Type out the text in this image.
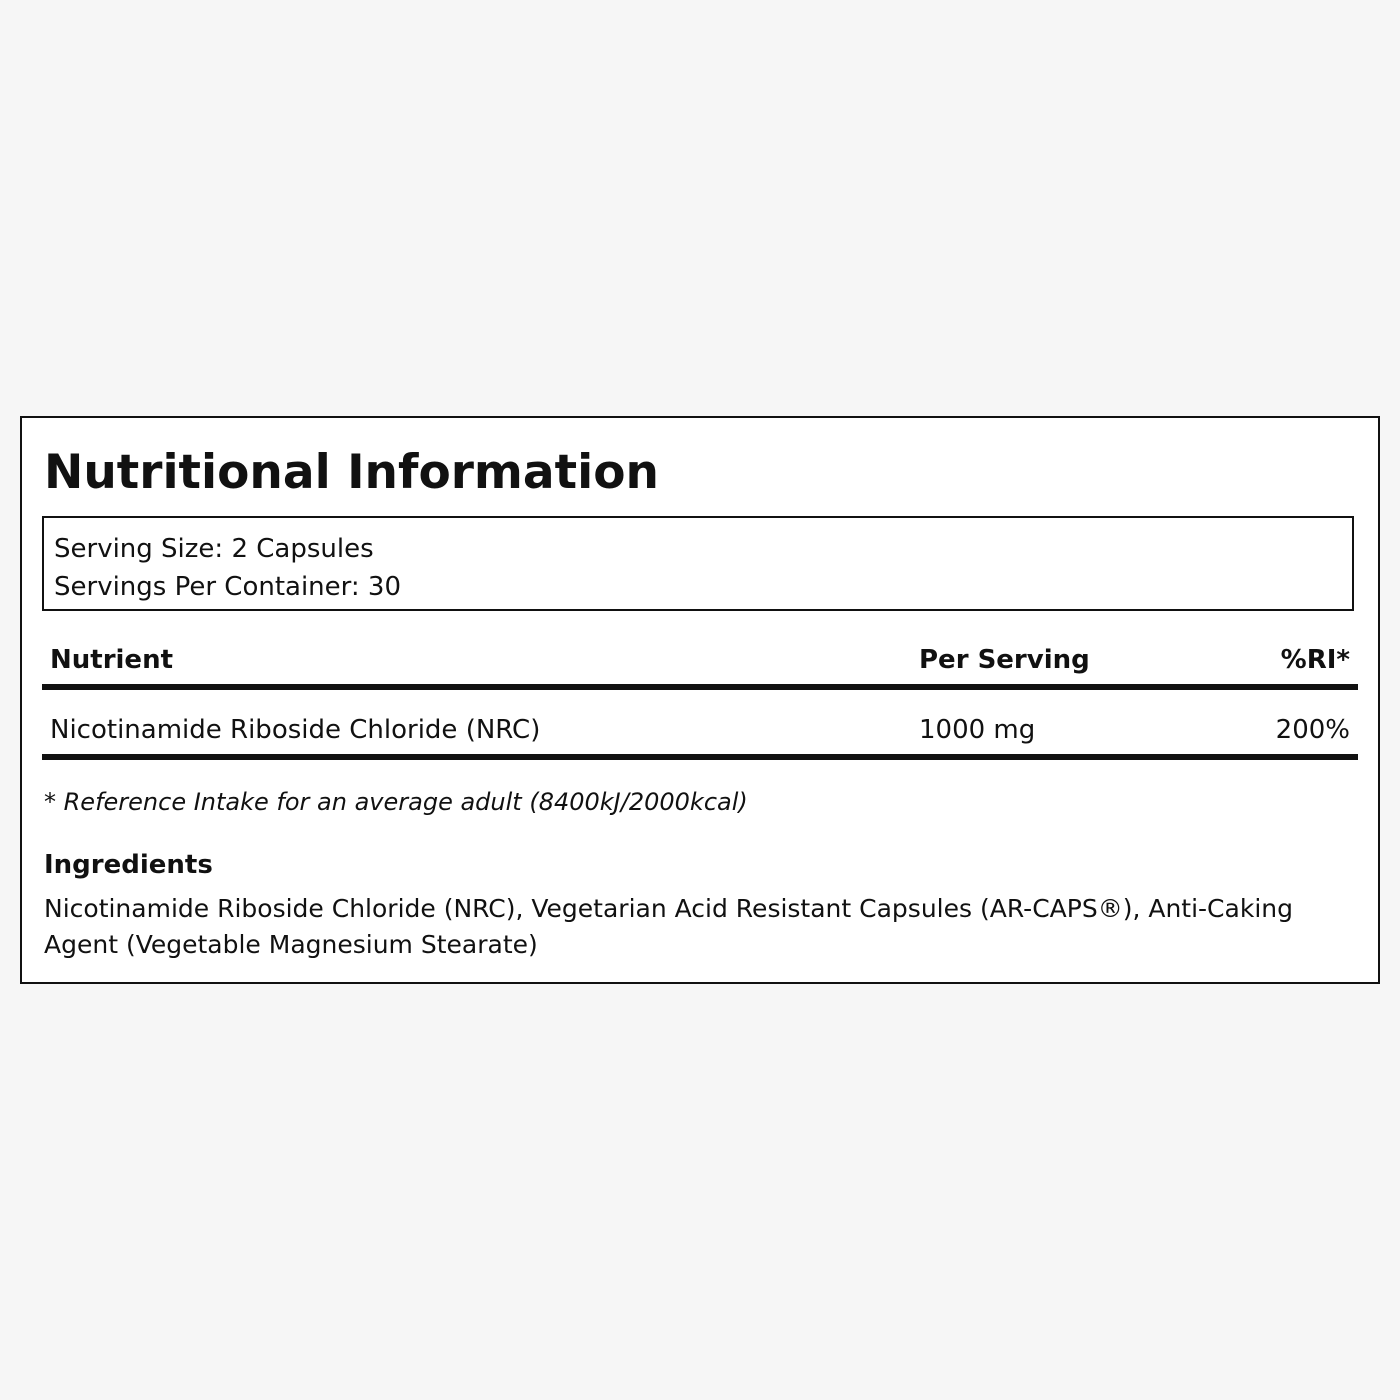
Nutritional Information
Serving Size: 2 Capsules
Servings Per Container: 30
Nutrient	Per Serving	%RI*
Nicotinamide Riboside Chloride (NRC)	1000 mg	200%
* Reference Intake for an average adult (8400kJ/2000kcal)
Ingredients
Nicotinamide Riboside Chloride (NRC), Vegetarian Acid Resistant Capsules (AR-CAPS®), Anti-Caking Agent (Vegetable Magnesium Stearate)
